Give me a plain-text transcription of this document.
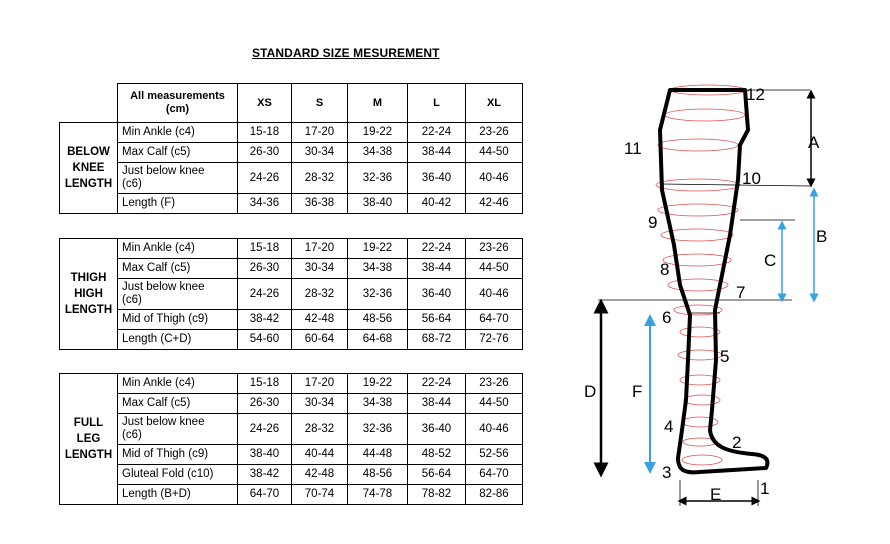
STANDARD SIZE MESUREMENT

	All measurements
(cm)	XS	S	M	L	XL

BELOW
KNEE
LENGTH	Min Ankle (c4)	15-18	17-20	19-22	22-24	23-26

	Max Calf (c5)	26-30	30-34	34-38	38-44	44-50

	Just below knee
(c6)	24-26	28-32	32-36	36-40	40-46

	Length (F)	34-36	36-38	38-40	40-42	42-46
THIGH
HIGH
LENGTH	Min Ankle (c4)	15-18	17-20	19-22	22-24	23-26

	Max Calf (c5)	26-30	30-34	34-38	38-44	44-50

	Just below knee
(c6)	24-26	28-32	32-36	36-40	40-46

	Mid of Thigh (c9)	38-42	42-48	48-56	56-64	64-70

	Length (C+D)	54-60	60-64	64-68	68-72	72-76
FULL
LEG
LENGTH	Min Ankle (c4)	15-18	17-20	19-22	22-24	23-26

	Max Calf (c5)	26-30	30-34	34-38	38-44	44-50

	Just below knee
(c6)	24-26	28-32	32-36	36-40	40-46

	Mid of Thigh (c9)	38-40	40-44	44-48	48-52	52-56

	Gluteal Fold (c10)	38-42	42-48	48-56	56-64	64-70

	Length (B+D)	64-70	70-74	74-78	78-82	82-86
12
11
10
9
8
7
6
5
4
3
2
1
A
B
C
D F
E
